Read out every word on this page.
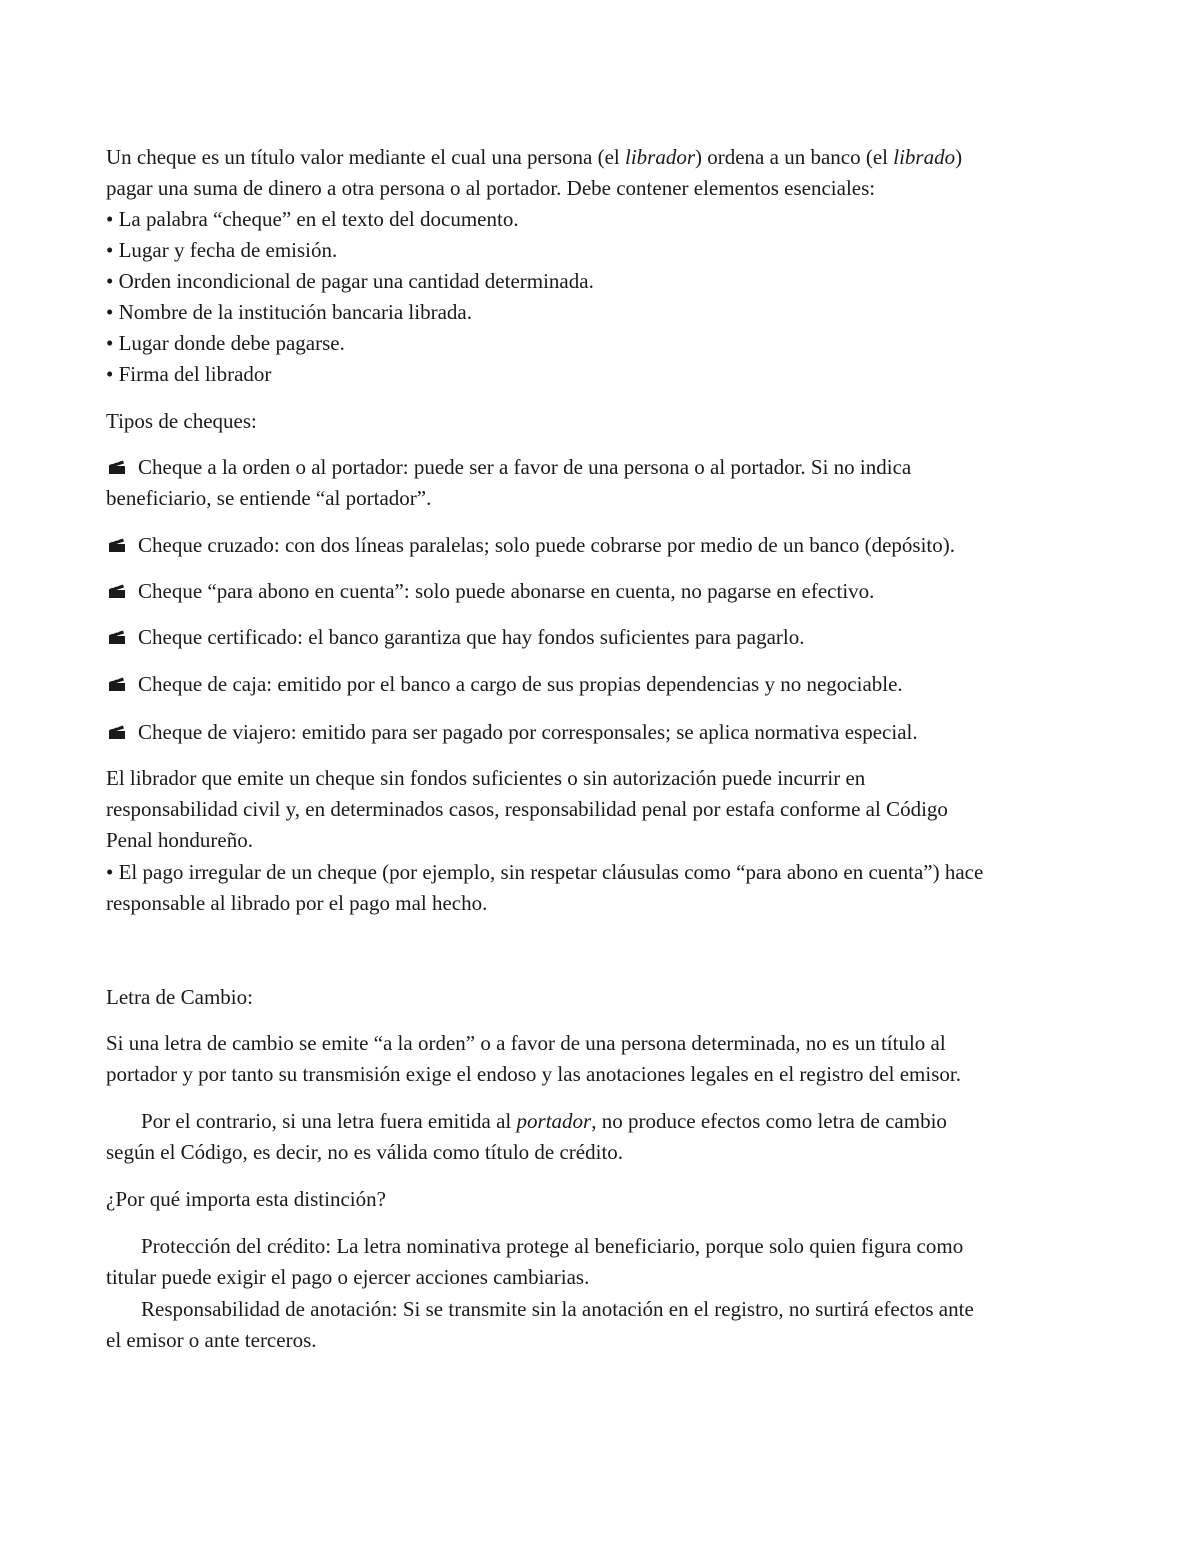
Un cheque es un título valor mediante el cual una persona (el librador) ordena a un banco (el librado)
pagar una suma de dinero a otra persona o al portador. Debe contener elementos esenciales:
• La palabra “cheque” en el texto del documento.
• Lugar y fecha de emisión.
• Orden incondicional de pagar una cantidad determinada.
• Nombre de la institución bancaria librada.
• Lugar donde debe pagarse.
• Firma del librador
Tipos de cheques:
Cheque a la orden o al portador: puede ser a favor de una persona o al portador. Si no indica
beneficiario, se entiende “al portador”.
Cheque cruzado: con dos líneas paralelas; solo puede cobrarse por medio de un banco (depósito).
Cheque “para abono en cuenta”: solo puede abonarse en cuenta, no pagarse en efectivo.
Cheque certificado: el banco garantiza que hay fondos suficientes para pagarlo.
Cheque de caja: emitido por el banco a cargo de sus propias dependencias y no negociable.
Cheque de viajero: emitido para ser pagado por corresponsales; se aplica normativa especial.
El librador que emite un cheque sin fondos suficientes o sin autorización puede incurrir en
responsabilidad civil y, en determinados casos, responsabilidad penal por estafa conforme al Código
Penal hondureño.
• El pago irregular de un cheque (por ejemplo, sin respetar cláusulas como “para abono en cuenta”) hace
responsable al librado por el pago mal hecho.
Letra de Cambio:
Si una letra de cambio se emite “a la orden” o a favor de una persona determinada, no es un título al
portador y por tanto su transmisión exige el endoso y las anotaciones legales en el registro del emisor.
Por el contrario, si una letra fuera emitida al portador, no produce efectos como letra de cambio
según el Código, es decir, no es válida como título de crédito.
¿Por qué importa esta distinción?
Protección del crédito: La letra nominativa protege al beneficiario, porque solo quien figura como
titular puede exigir el pago o ejercer acciones cambiarias.
Responsabilidad de anotación: Si se transmite sin la anotación en el registro, no surtirá efectos ante
el emisor o ante terceros.
